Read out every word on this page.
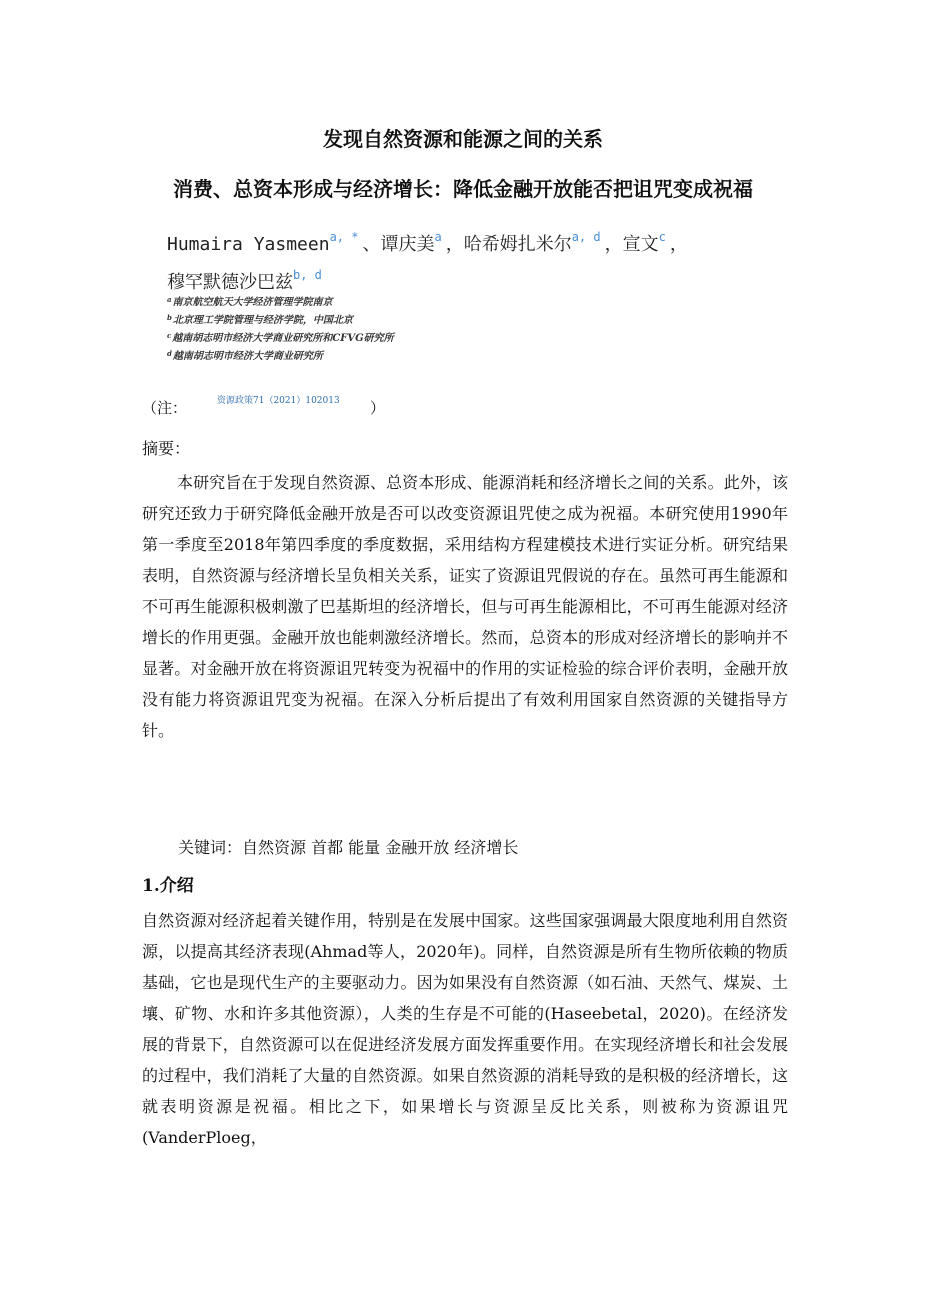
发现自然资源和能源之间的关系
消费、总资本形成与经济增长：降低金融开放能否把诅咒变成祝福
Humaira Yasmeen$^{a, *}$ 、谭庆美$^a$ ，哈希姆扎米尔$^{a, d}$ ，宣文$^c$ ，
穆罕默德沙巴兹$^{b, d}$
$^a$南京航空航天大学经济管理学院南京
$^b$北京理工学院管理与经济学院，中国北京
$^c$越南胡志明市经济大学商业研究所和CFVG研究所
$^d$越南胡志明市经济大学商业研究所
（注：	资源政策71（2021）102013 ）
摘要：

本研究旨在于发现自然资源、总资本形成、能源消耗和经济增长之间的关系。此外，该研究还致力于研究降低金融开放是否可以改变资源诅咒使之成为祝福。本研究使用1990年第一季度至2018年第四季度的季度数据，采用结构方程建模技术进行实证分析。研究结果表明，自然资源与经济增长呈负相关关系，证实了资源诅咒假说的存在。虽然可再生能源和不可再生能源积极刺激了巴基斯坦的经济增长，但与可再生能源相比，不可再生能源对经济增长的作用更强。金融开放也能刺激经济增长。然而，总资本的形成对经济增长的影响并不显著。对金融开放在将资源诅咒转变为祝福中的作用的实证检验的综合评价表明，金融开放没有能力将资源诅咒变为祝福。在深入分析后提出了有效利用国家自然资源的关键指导方针。

关键词：自然资源 首都 能量 金融开放 经济增长
1.介绍

自然资源对经济起着关键作用，特别是在发展中国家。这些国家强调最大限度地利用自然资源，以提高其经济表现(Ahmad等人，2020年)。同样，自然资源是所有生物所依赖的物质基础，它也是现代生产的主要驱动力。因为如果没有自然资源（如石油、天然气、煤炭、土壤、矿物、水和许多其他资源），人类的生存是不可能的(Haseebetal，2020)。在经济发展的背景下，自然资源可以在促进经济发展方面发挥重要作用。在实现经济增长和社会发展的过程中，我们消耗了大量的自然资源。如果自然资源的消耗导致的是积极的经济增长，这就表明资源是祝福。相比之下，如果增长与资源呈反比关系，则被称为资源诅咒(VanderPloeg，
